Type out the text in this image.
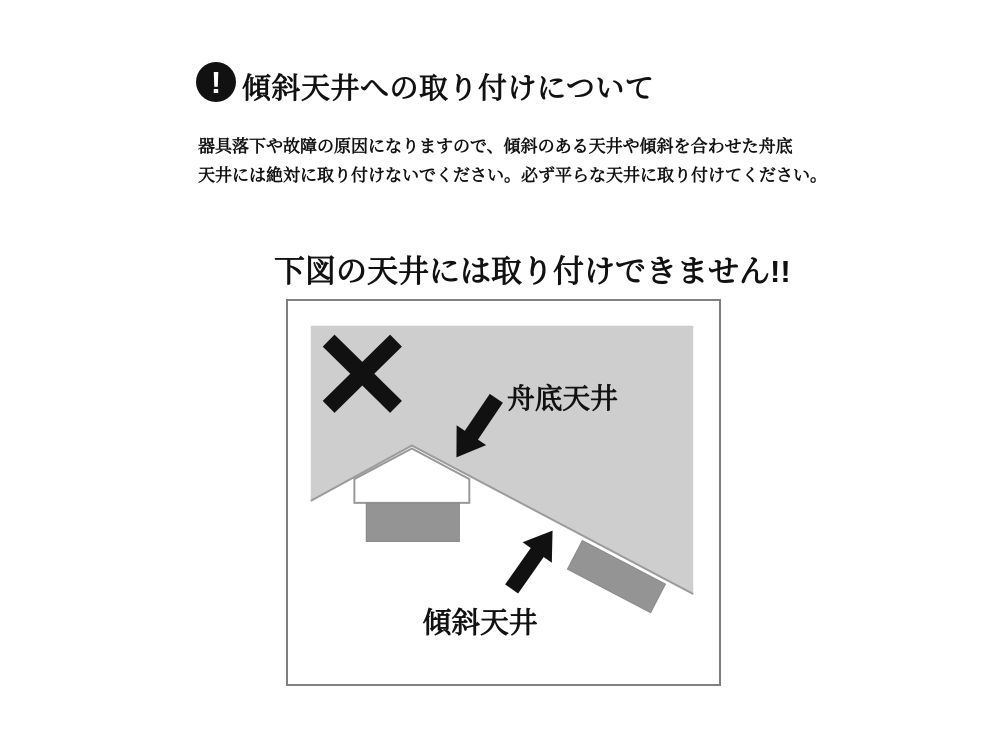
! 傾斜天井への取り付けについて
器具落下や故障の原因になりますので、傾斜のある天井や傾斜を合わせた舟底
天井には絶対に取り付けないでください。必ず平らな天井に取り付けてください。
下図の天井には取り付けできません!!
舟底天井
傾斜天井
